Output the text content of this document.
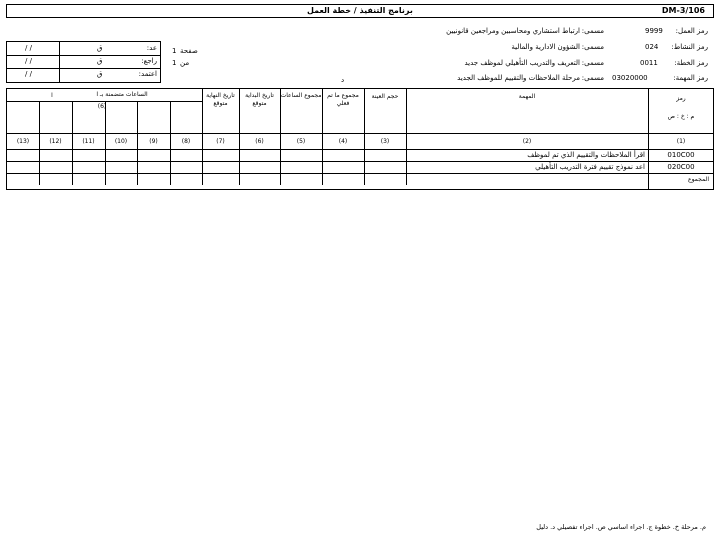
DM-3/106
برنامج التنفيذ / خطة العمل
رمز العمل:
9999
مسمى:
ارتباط استشاري ومحاسبين ومراجعين قانونيين
رمز النشاط:
024
مسمى:
الشؤون الادارية والمالية
رمز الخطة:
0011
مسمى:
التعريف والتدريب التأهيلي لموظف جديد
رمز المهمة:
03020000
مسمى:
مرحلة الملاحظات والتقييم للموظف الجديد
د
صفحة
1
من
1
عد:
ق
/ /
راجع:
ق
/ /
اعتمد:
ق
/ /
رمز
م : خ : ص
المهمة
حجم العينة
مجموع ما تم فعلي
مجموع الساعات
تاريخ البداية متوقع
تاريخ النهاية متوقع
الساعات متضمنة بـ ا
(6)
ا
(1)
(2)
(3)
(4)
(5)
(6)
(7)
(8)
(9)
(10)
(11)
(12)
(13)
010C00
اقرأ الملاحظات والتقييم الذي تم لموظف
020C00
اعد نموذج تقييم فترة التدريب التأهيلي
المجموع
م. مرحلة خ. خطوة ج. اجراء اساسي ص. اجراء تفصيلي د. دليل
